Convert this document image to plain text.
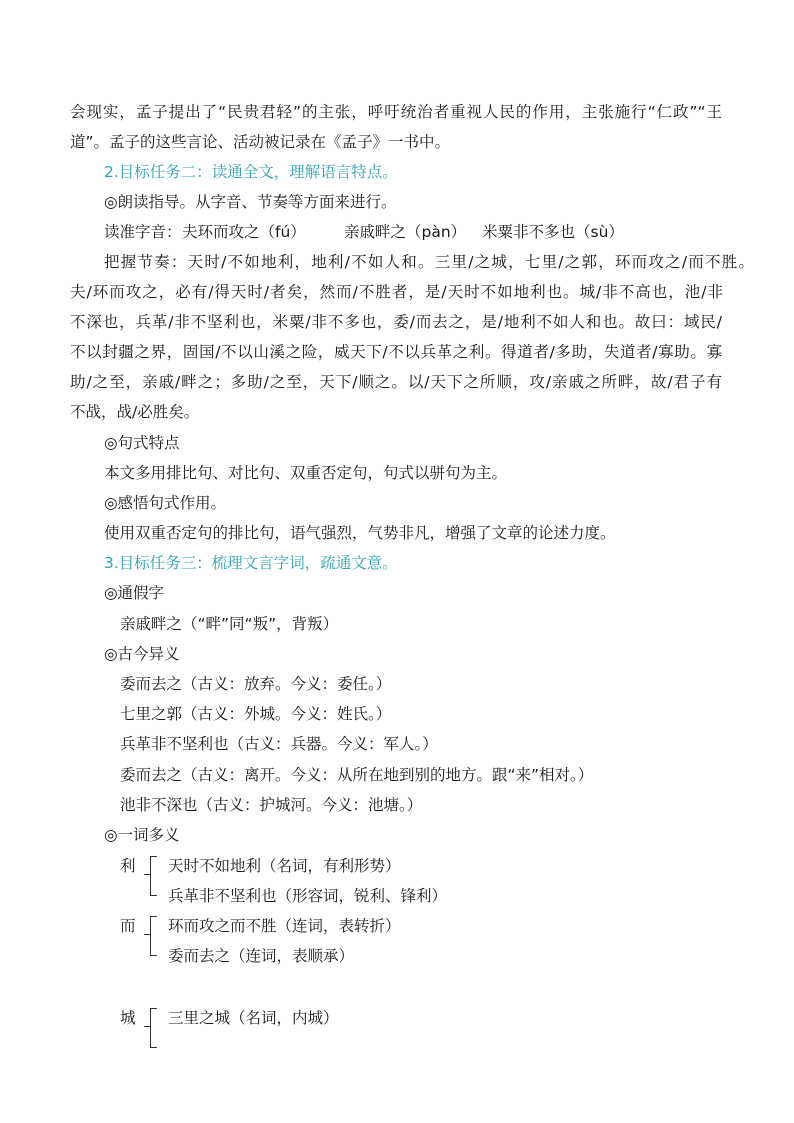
会现实，孟子提出了“民贵君轻”的主张，呼吁统治者重视人民的作用，主张施行“仁政”“王
道”。孟子的这些言论、活动被记录在《孟子》一书中。
2.目标任务二：读通全文，理解语言特点。
◎朗读指导。从字音、节奏等方面来进行。
读准字音： 夫环而攻之（fú） 亲戚畔之（pàn） 米粟非不多也（sù）
把握节奏：天时/不如地利，地利/不如人和。三里/之城，七里/之郭，环而攻之/而不胜。
夫/环而攻之，必有/得天时/者矣，然而/不胜者，是/天时不如地利也。城/非不高也，池/非
不深也，兵革/非不坚利也，米粟/非不多也，委/而去之，是/地利不如人和也。故曰：域民/
不以封疆之界，固国/不以山溪之险，威天下/不以兵革之利。得道者/多助，失道者/寡助。寡
助/之至，亲戚/畔之；多助/之至，天下/顺之。以/天下之所顺，攻/亲戚之所畔，故/君子有
不战，战/必胜矣。
◎句式特点
本文多用排比句、对比句、双重否定句，句式以骈句为主。
◎感悟句式作用。
使用双重否定句的排比句，语气强烈，气势非凡，增强了文章的论述力度。
3.目标任务三：梳理文言字词，疏通文意。
◎通假字
亲戚畔之（“畔”同“叛”，背叛）
◎古今异义
委而去之（古义：放弃。今义：委任。）
七里之郭（古义：外城。今义：姓氏。）
兵革非不坚利也（古义：兵器。今义：军人。）
委而去之（古义：离开。今义：从所在地到别的地方。跟“来”相对。）
池非不深也（古义：护城河。今义：池塘。）
◎一词多义
利 天时不如地利（名词，有利形势）
兵革非不坚利也（形容词，锐利、锋利）
而 环而攻之而不胜（连词，表转折）
委而去之（连词，表顺承）
城 三里之城（名词，内城）
